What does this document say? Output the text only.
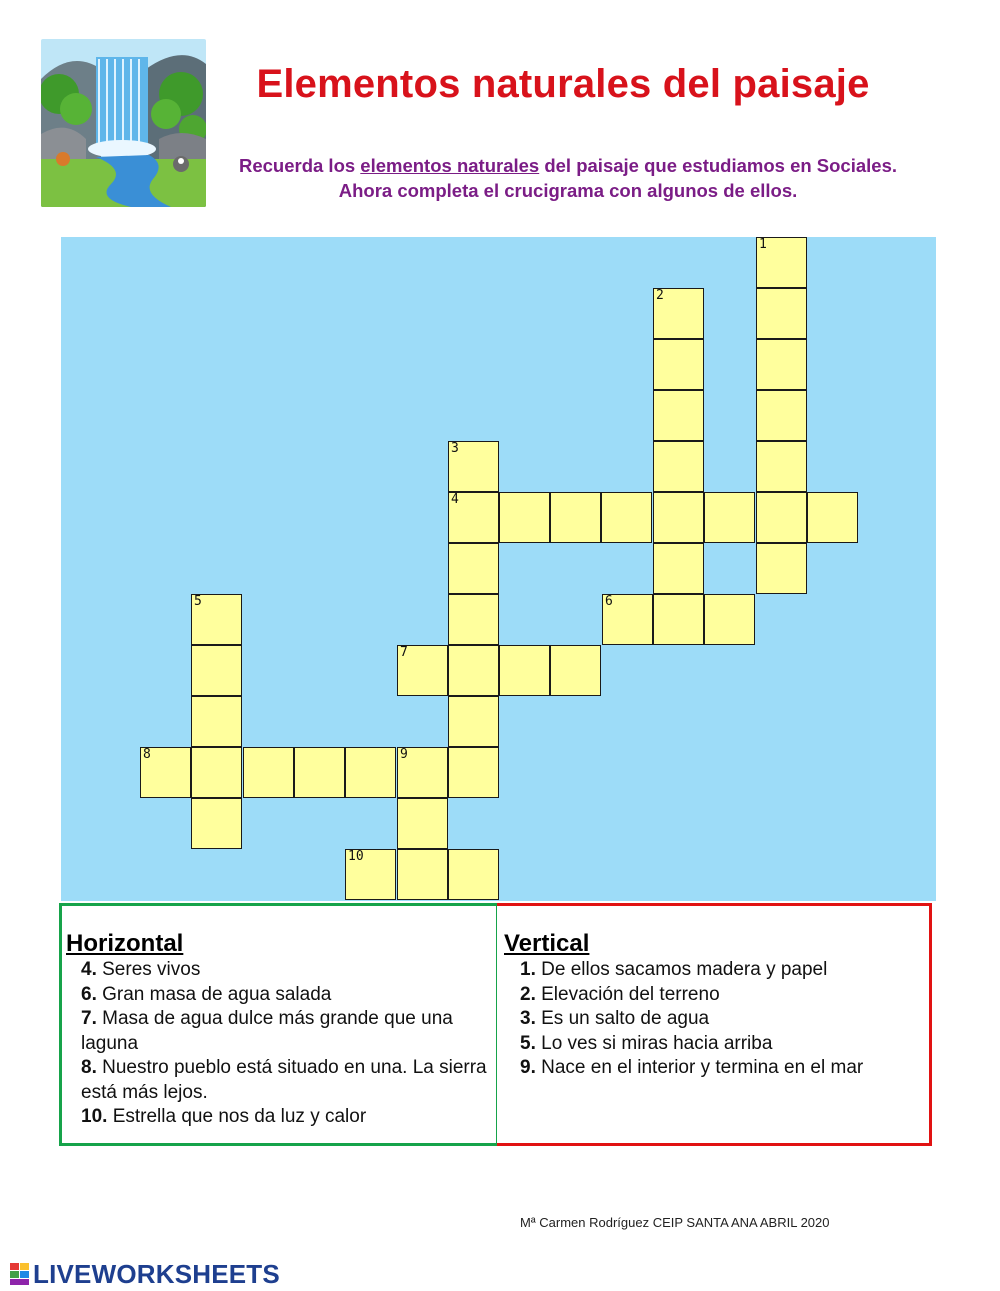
Elementos naturales del paisaje

Recuerda los elementos naturales del paisaje que estudiamos en Sociales.

Ahora completa el crucigrama con algunos de ellos.

1
2
3
4
6
7
5
8	9
10
Horizontal
4. Seres vivos
6. Gran masa de agua salada
7. Masa de agua dulce más grande que una laguna
8. Nuestro pueblo está situado en una. La sierra está más lejos.
10. Estrella que nos da luz y calor
Vertical
1. De ellos sacamos madera y papel
2. Elevación del terreno
3. Es un salto de agua
5. Lo ves si miras hacia arriba
9. Nace en el interior y termina en el mar
Mª Carmen Rodríguez CEIP SANTA ANA ABRIL 2020
LIVEWORKSHEETS
